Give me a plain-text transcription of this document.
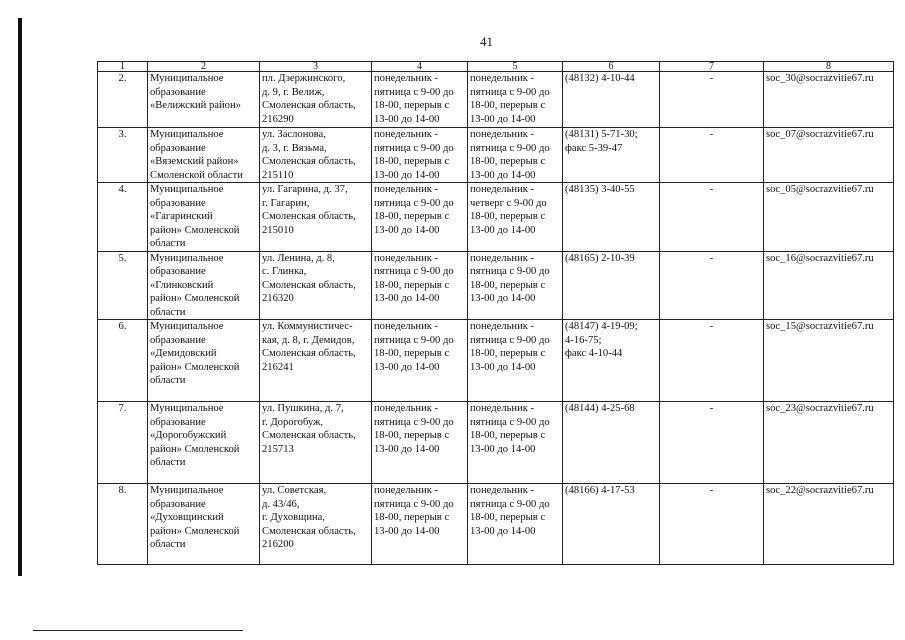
41
1	2	3	4	5	6	7	8
2.	Муниципальное
образование
«Велижский район»	пл. Дзержинского,
д. 9, г. Велиж,
Смоленская область,
216290	понедельник -
пятница с 9-00 до
18-00, перерыв с
13-00 до 14-00	понедельник -
пятница с 9-00 до
18-00, перерыв с
13-00 до 14-00	(48132) 4-10-44	-	soc_30@socrazvitie67.ru
3.	Муниципальное
образование
«Вяземский район»
Смоленской области	ул. Заслонова,
д. 3, г. Вязьма,
Смоленская область,
215110	понедельник -
пятница с 9-00 до
18-00, перерыв с
13-00 до 14-00	понедельник -
пятница с 9-00 до
18-00, перерыв с
13-00 до 14-00	(48131) 5-71-30;
факс 5-39-47	-	soc_07@socrazvitie67.ru
4.	Муниципальное
образование
«Гагаринский
район» Смоленской
области	ул. Гагарина, д. 37,
г. Гагарин,
Смоленская область,
215010	понедельник -
пятница с 9-00 до
18-00, перерыв с
13-00 до 14-00	понедельник -
четверг с 9-00 до
18-00, перерыв с
13-00 до 14-00	(48135) 3-40-55	-	soc_05@socrazvitie67.ru
5.	Муниципальное
образование
«Глинковский
район» Смоленской
области	ул. Ленина, д. 8,
с. Глинка,
Смоленская область,
216320	понедельник -
пятница с 9-00 до
18-00, перерыв с
13-00 до 14-00	понедельник -
пятница с 9-00 до
18-00, перерыв с
13-00 до 14-00	(48165) 2-10-39	-	soc_16@socrazvitie67.ru
6.	Муниципальное
образование
«Демидовский
район» Смоленской
области	ул. Коммунистичес-
кая, д. 8, г. Демидов,
Смоленская область,
216241	понедельник -
пятница с 9-00 до
18-00, перерыв с
13-00 до 14-00	понедельник -
пятница с 9-00 до
18-00, перерыв с
13-00 до 14-00	(48147) 4-19-09;
4-16-75;
факс 4-10-44	-	soc_15@socrazvitie67.ru
7.	Муниципальное
образование
«Дорогобужский
район» Смоленской
области	ул. Пушкина, д. 7,
г. Дорогобуж,
Смоленская область,
215713	понедельник -
пятница с 9-00 до
18-00, перерыв с
13-00 до 14-00	понедельник -
пятница с 9-00 до
18-00, перерыв с
13-00 до 14-00	(48144) 4-25-68	-	soc_23@socrazvitie67.ru
8.	Муниципальное
образование
«Духовщинский
район» Смоленской
области	ул. Советская,
д. 43/46,
г. Духовщина,
Смоленская область,
216200	понедельник -
пятница с 9-00 до
18-00, перерыв с
13-00 до 14-00	понедельник -
пятница с 9-00 до
18-00, перерыв с
13-00 до 14-00	(48166) 4-17-53	-	soc_22@socrazvitie67.ru
